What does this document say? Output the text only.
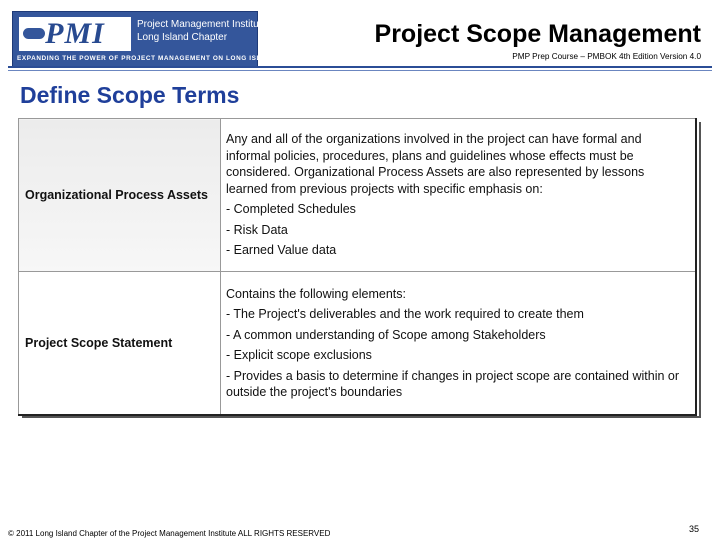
PMI	Project Management Institute
Long Island Chapter
EXPANDING THE POWER OF PROJECT MANAGEMENT ON LONG ISLAND
Project Scope Management
PMP Prep Course – PMBOK 4th Edition Version 4.0
Define Scope Terms
Organizational Process Assets	Any and all of the organizations involved in the project can have formal and informal policies, procedures, plans and guidelines whose effects must be considered. Organizational Process Assets are also represented by lessons learned from previous projects with specific emphasis on:
- Completed Schedules
- Risk Data
- Earned Value data

Project Scope Statement	Contains the following elements:
- The Project's deliverables and the work required to create them
- A common understanding of Scope among Stakeholders
- Explicit scope exclusions
- Provides a basis to determine if changes in project scope are contained within or outside the project's boundaries
© 2011 Long Island Chapter of the Project Management Institute ALL RIGHTS RESERVED	35
